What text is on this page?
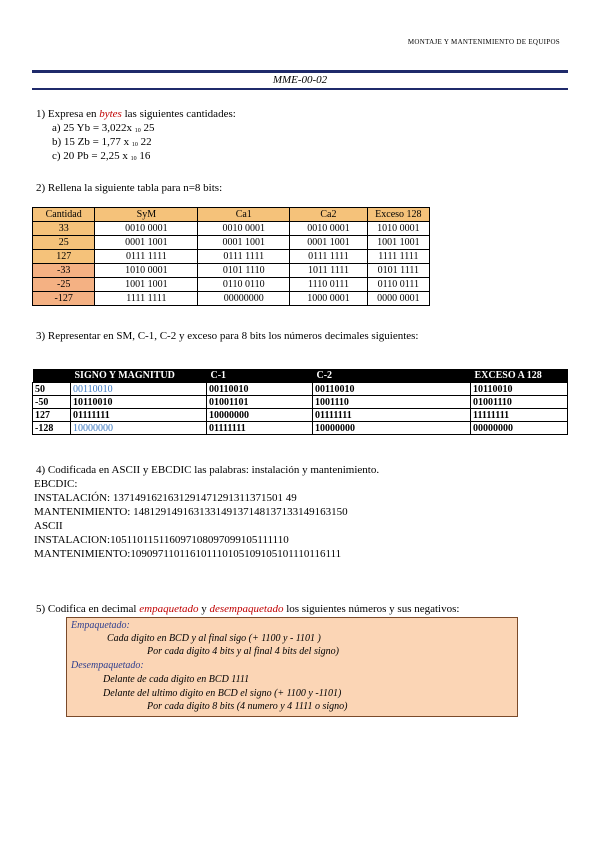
MONTAJE Y MANTENIMIENTO DE EQUIPOS
MME-00-02
1) Expresa en bytes las siguientes cantidades:
a) 25 Yb = 3,022x 10 25
b) 15 Zb = 1,77 x 10 22
c) 20 Pb = 2,25 x 10 16
2) Rellena la siguiente tabla para n=8 bits:
Cantidad	SyM	Ca1	Ca2	Exceso 128
33	0010 0001	0010 0001	0010 0001	1010 0001
25	0001 1001	0001 1001	0001 1001	1001 1001
127	0111 1111	0111 1111	0111 1111	1111 1111
-33	1010 0001	0101 1110	1011 1111	0101 1111
-25	1001 1001	0110 0110	1110 0111	0110 0111
-127	1111 1111	00000000	1000 0001	0000 0001
3) Representar en SM, C-1, C-2 y exceso para 8 bits los números decimales siguientes:
	SIGNO Y MAGNITUD	C-1	C-2	EXCESO A 128
50	00110010	00110010	00110010	10110010
-50	10110010	01001101	1001110	01001110
127	01111111	10000000	01111111	11111111
-128	10000000	01111111	10000000	00000000
4) Codificada en ASCII y EBCDIC las palabras: instalación y mantenimiento.
EBCDIC:
INSTALACIÓN: 1371491621631291471291311371501 49
MANTENIMIENTO: 148129149163133149137148137133149163150
ASCII
INSTALACION:105110115116097108097099105111110
MANTENIMIENTO:109097110116101110105109105101110116111
5) Codifica en decimal empaquetado y desempaquetado los siguientes números y sus negativos:
Empaquetado:
Cada digito en BCD y al final sigo (+ 1100 y - 1101 )
Por cada digito 4 bits y al final 4 bits del signo)
Desempaquetado:
Delante de cada digito en BCD 1111
Delante del ultimo digito en BCD el signo (+ 1100 y -1101)
Por cada digito 8 bits (4 numero y 4 1111 o signo)
